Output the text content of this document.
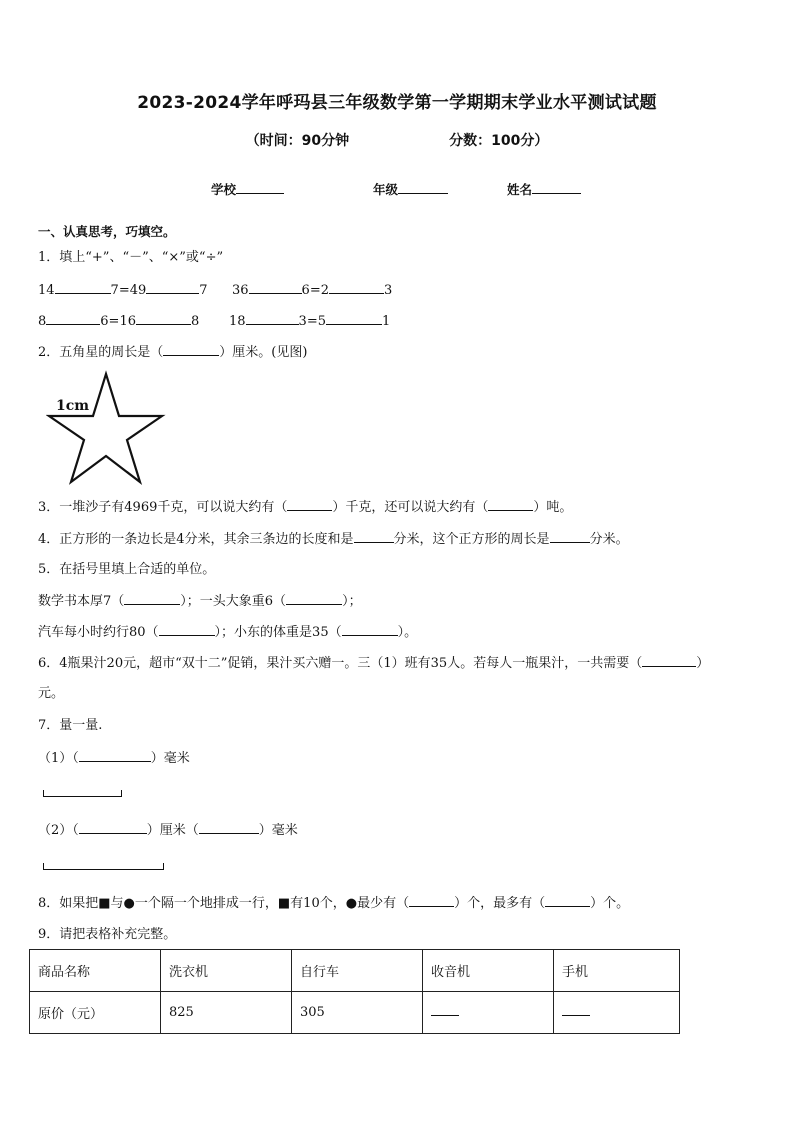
2023-2024学年呼玛县三年级数学第一学期期末学业水平测试试题
（时间：90分钟	分数：100分）
学校	年级	姓名
一、认真思考，巧填空。
1．填上“+”、“－”、“×”或“÷”
14	7=49	7 36	6=2	3
8	6=16	8 18	3=5	1
2．五角星的周长是（	）厘米。(见图)
1cm
3．一堆沙子有4969千克，可以说大约有（	）千克，还可以说大约有（	）吨。
4．正方形的一条边长是4分米，其余三条边的长度和是	分米，这个正方形的周长是	分米。
5．在括号里填上合适的单位。
数学书本厚7（	）；一头大象重6（	）；
汽车每小时约行80（	）；小东的体重是35（	）。
6．4瓶果汁20元，超市“双十二”促销，果汁买六赠一。三（1）班有35人。若每人一瓶果汁，一共需要（	）
元。
7．量一量.
（1）（	）毫米
（2）（	）厘米（	）毫米
8．如果把■与●一个隔一个地排成一行，■有10个，●最少有（	）个，最多有（	）个。
9．请把表格补充完整。
商品名称	洗衣机	自行车	收音机	手机
原价（元）	825	305		
